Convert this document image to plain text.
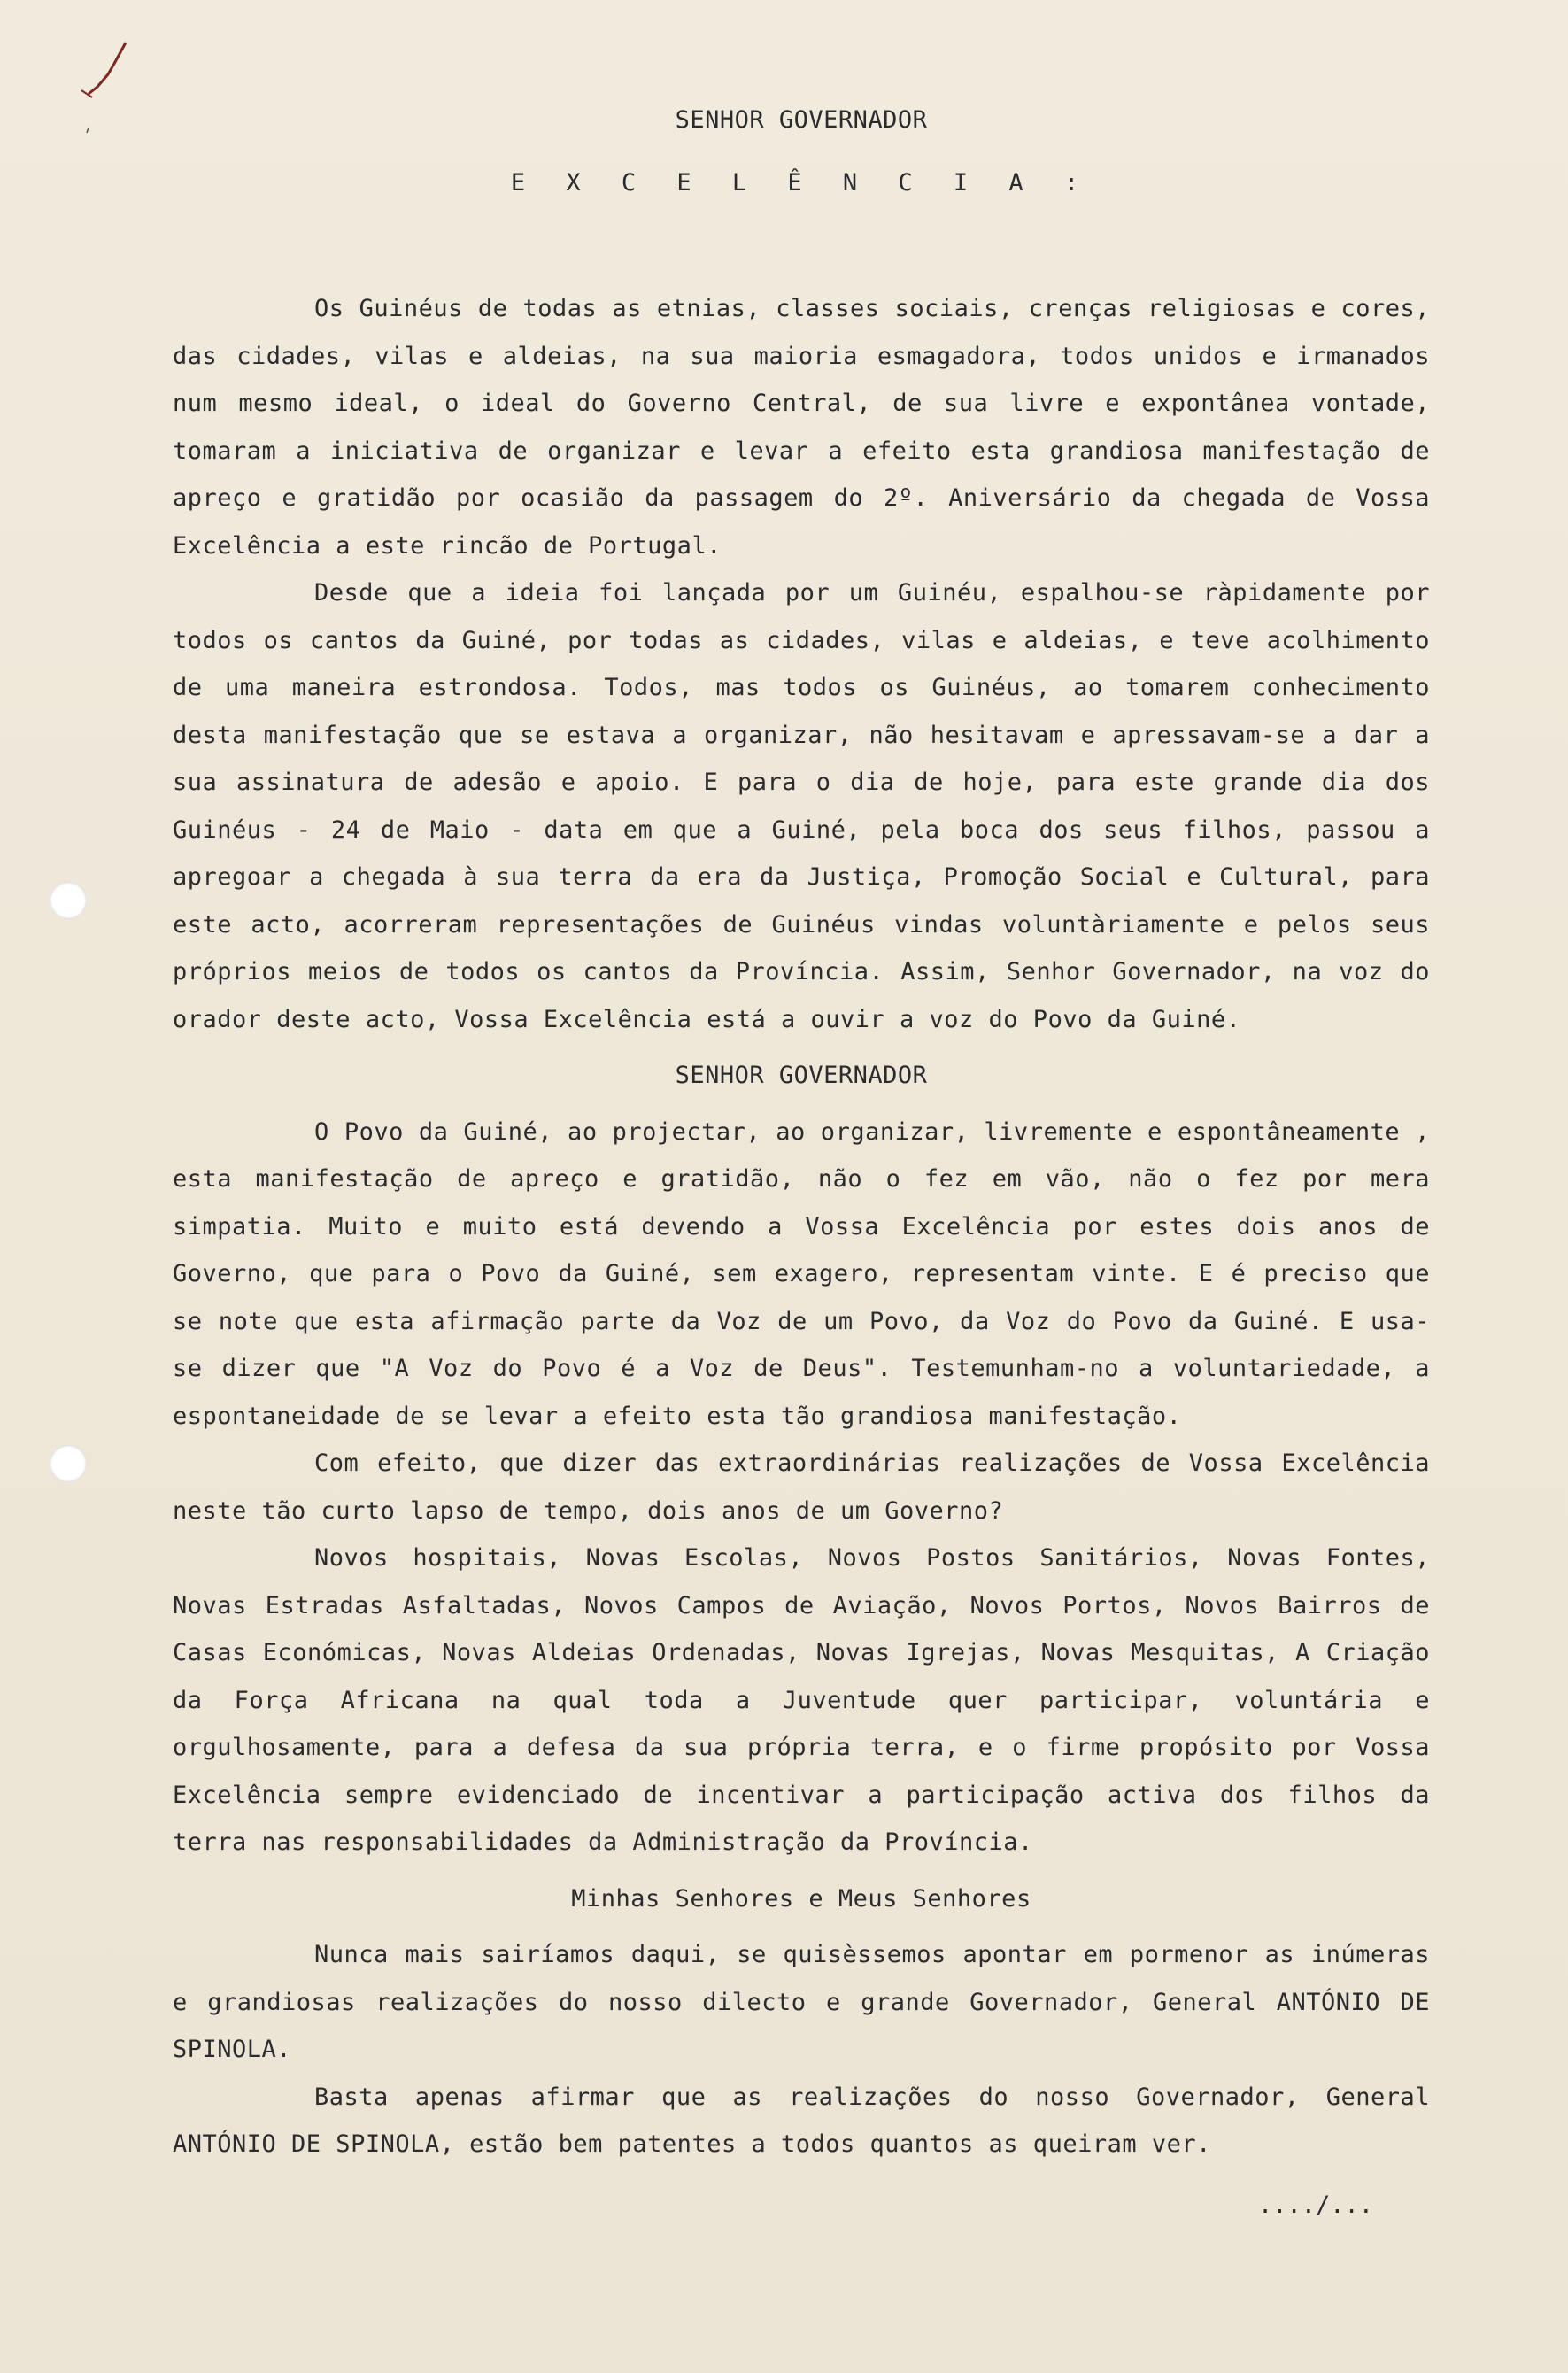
SENHOR GOVERNADOR

E X C E L Ê N C I A :

Os Guinéus de todas as etnias, classes sociais, crenças religiosas e cores, das cidades, vilas e aldeias, na sua maioria esmagadora, todos unidos e irmanados num mesmo ideal, o ideal do Governo Central, de sua livre e expontânea vontade, tomaram a iniciativa de organizar e levar a efeito esta grandiosa manifestação de apreço e gratidão por ocasião da passagem do 2º. Aniversário da chegada de Vossa Excelência a este rincão de Portugal.

Desde que a ideia foi lançada por um Guinéu, espalhou-se ràpidamente por todos os cantos da Guiné, por todas as cidades, vilas e aldeias, e teve acolhimento de uma maneira estrondosa. Todos, mas todos os Guinéus, ao tomarem conhecimento desta manifestação que se estava a organizar, não hesitavam e apressavam-se a dar a sua assinatura de adesão e apoio. E para o dia de hoje, para este grande dia dos Guinéus - 24 de Maio - data em que a Guiné, pela boca dos seus filhos, passou a apregoar a chegada à sua terra da era da Justiça, Promoção Social e Cultural, para este acto, acorreram representações de Guinéus vindas voluntàriamente e pelos seus próprios meios de todos os cantos da Província. Assim, Senhor Governador, na voz do orador deste acto, Vossa Excelência está a ouvir a voz do Povo da Guiné.

SENHOR GOVERNADOR

O Povo da Guiné, ao projectar, ao organizar, livremente e espontâneamente , esta manifestação de apreço e gratidão, não o fez em vão, não o fez por mera simpatia. Muito e muito está devendo a Vossa Excelência por estes dois anos de Governo, que para o Povo da Guiné, sem exagero, representam vinte. E é preciso que se note que esta afirmação parte da Voz de um Povo, da Voz do Povo da Guiné. E usa-se dizer que "A Voz do Povo é a Voz de Deus". Testemunham-no a voluntariedade, a espontaneidade de se levar a efeito esta tão grandiosa manifestação.

Com efeito, que dizer das extraordinárias realizações de Vossa Excelência neste tão curto lapso de tempo, dois anos de um Governo?

Novos hospitais, Novas Escolas, Novos Postos Sanitários, Novas Fontes, Novas Estradas Asfaltadas, Novos Campos de Aviação, Novos Portos, Novos Bairros de Casas Económicas, Novas Aldeias Ordenadas, Novas Igrejas, Novas Mesquitas, A Criação da Força Africana na qual toda a Juventude quer participar, voluntária e orgulhosamente, para a defesa da sua própria terra, e o firme propósito por Vossa Excelência sempre evidenciado de incentivar a participação activa dos filhos da terra nas responsabilidades da Administração da Província.

Minhas Senhores e Meus Senhores

Nunca mais sairíamos daqui, se quisèssemos apontar em pormenor as inúmeras e grandiosas realizações do nosso dilecto e grande Governador, General ANTÓNIO DE SPINOLA.

Basta apenas afirmar que as realizações do nosso Governador, General ANTÓNIO DE SPINOLA, estão bem patentes a todos quantos as queiram ver.

..../...
